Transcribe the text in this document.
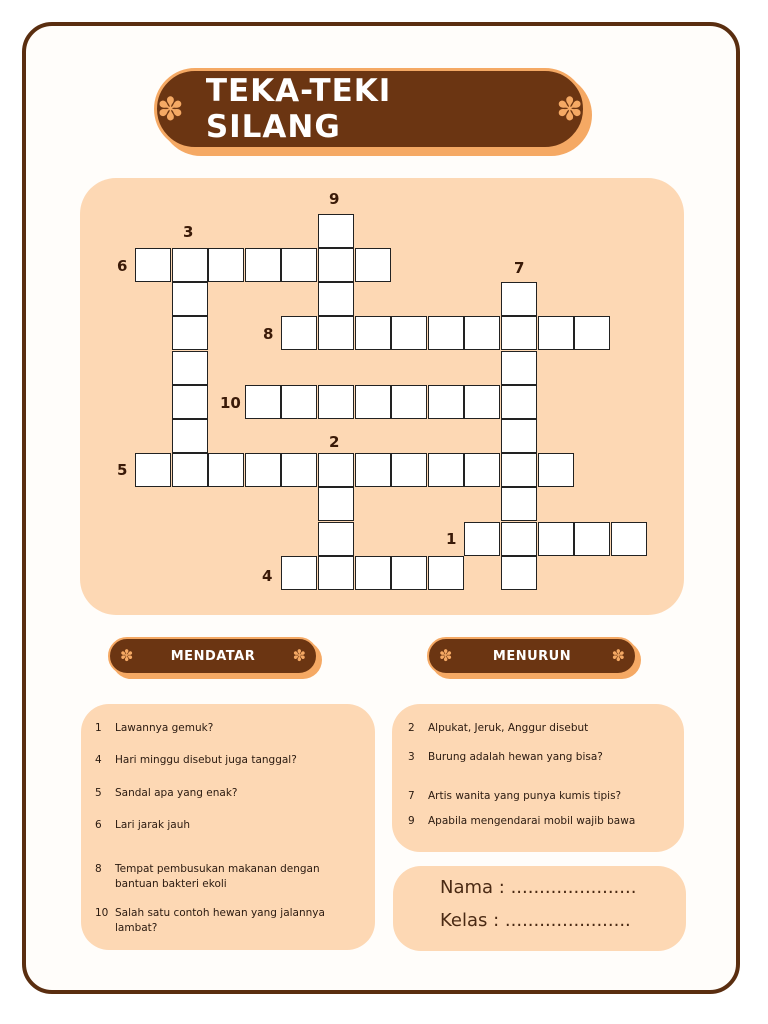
✽ TEKA-TEKI SILANG	✽
9
3
6	7
8
10
2
5
1
4
✽	MENDATAR ✽	✽	MENURUN	✽
1 Lawannya gemuk?
4 Hari minggu disebut juga tanggal?
5 Sandal apa yang enak?
6 Lari jarak jauh
8 Tempat pembusukan makanan dengan bantuan bakteri ekoli
10 Salah satu contoh hewan yang jalannya lambat?
2 Alpukat, Jeruk, Anggur disebut
3 Burung adalah hewan yang bisa?
7 Artis wanita yang punya kumis tipis?
9 Apabila mengendarai mobil wajib bawa
Nama : ......................
Kelas : ......................
